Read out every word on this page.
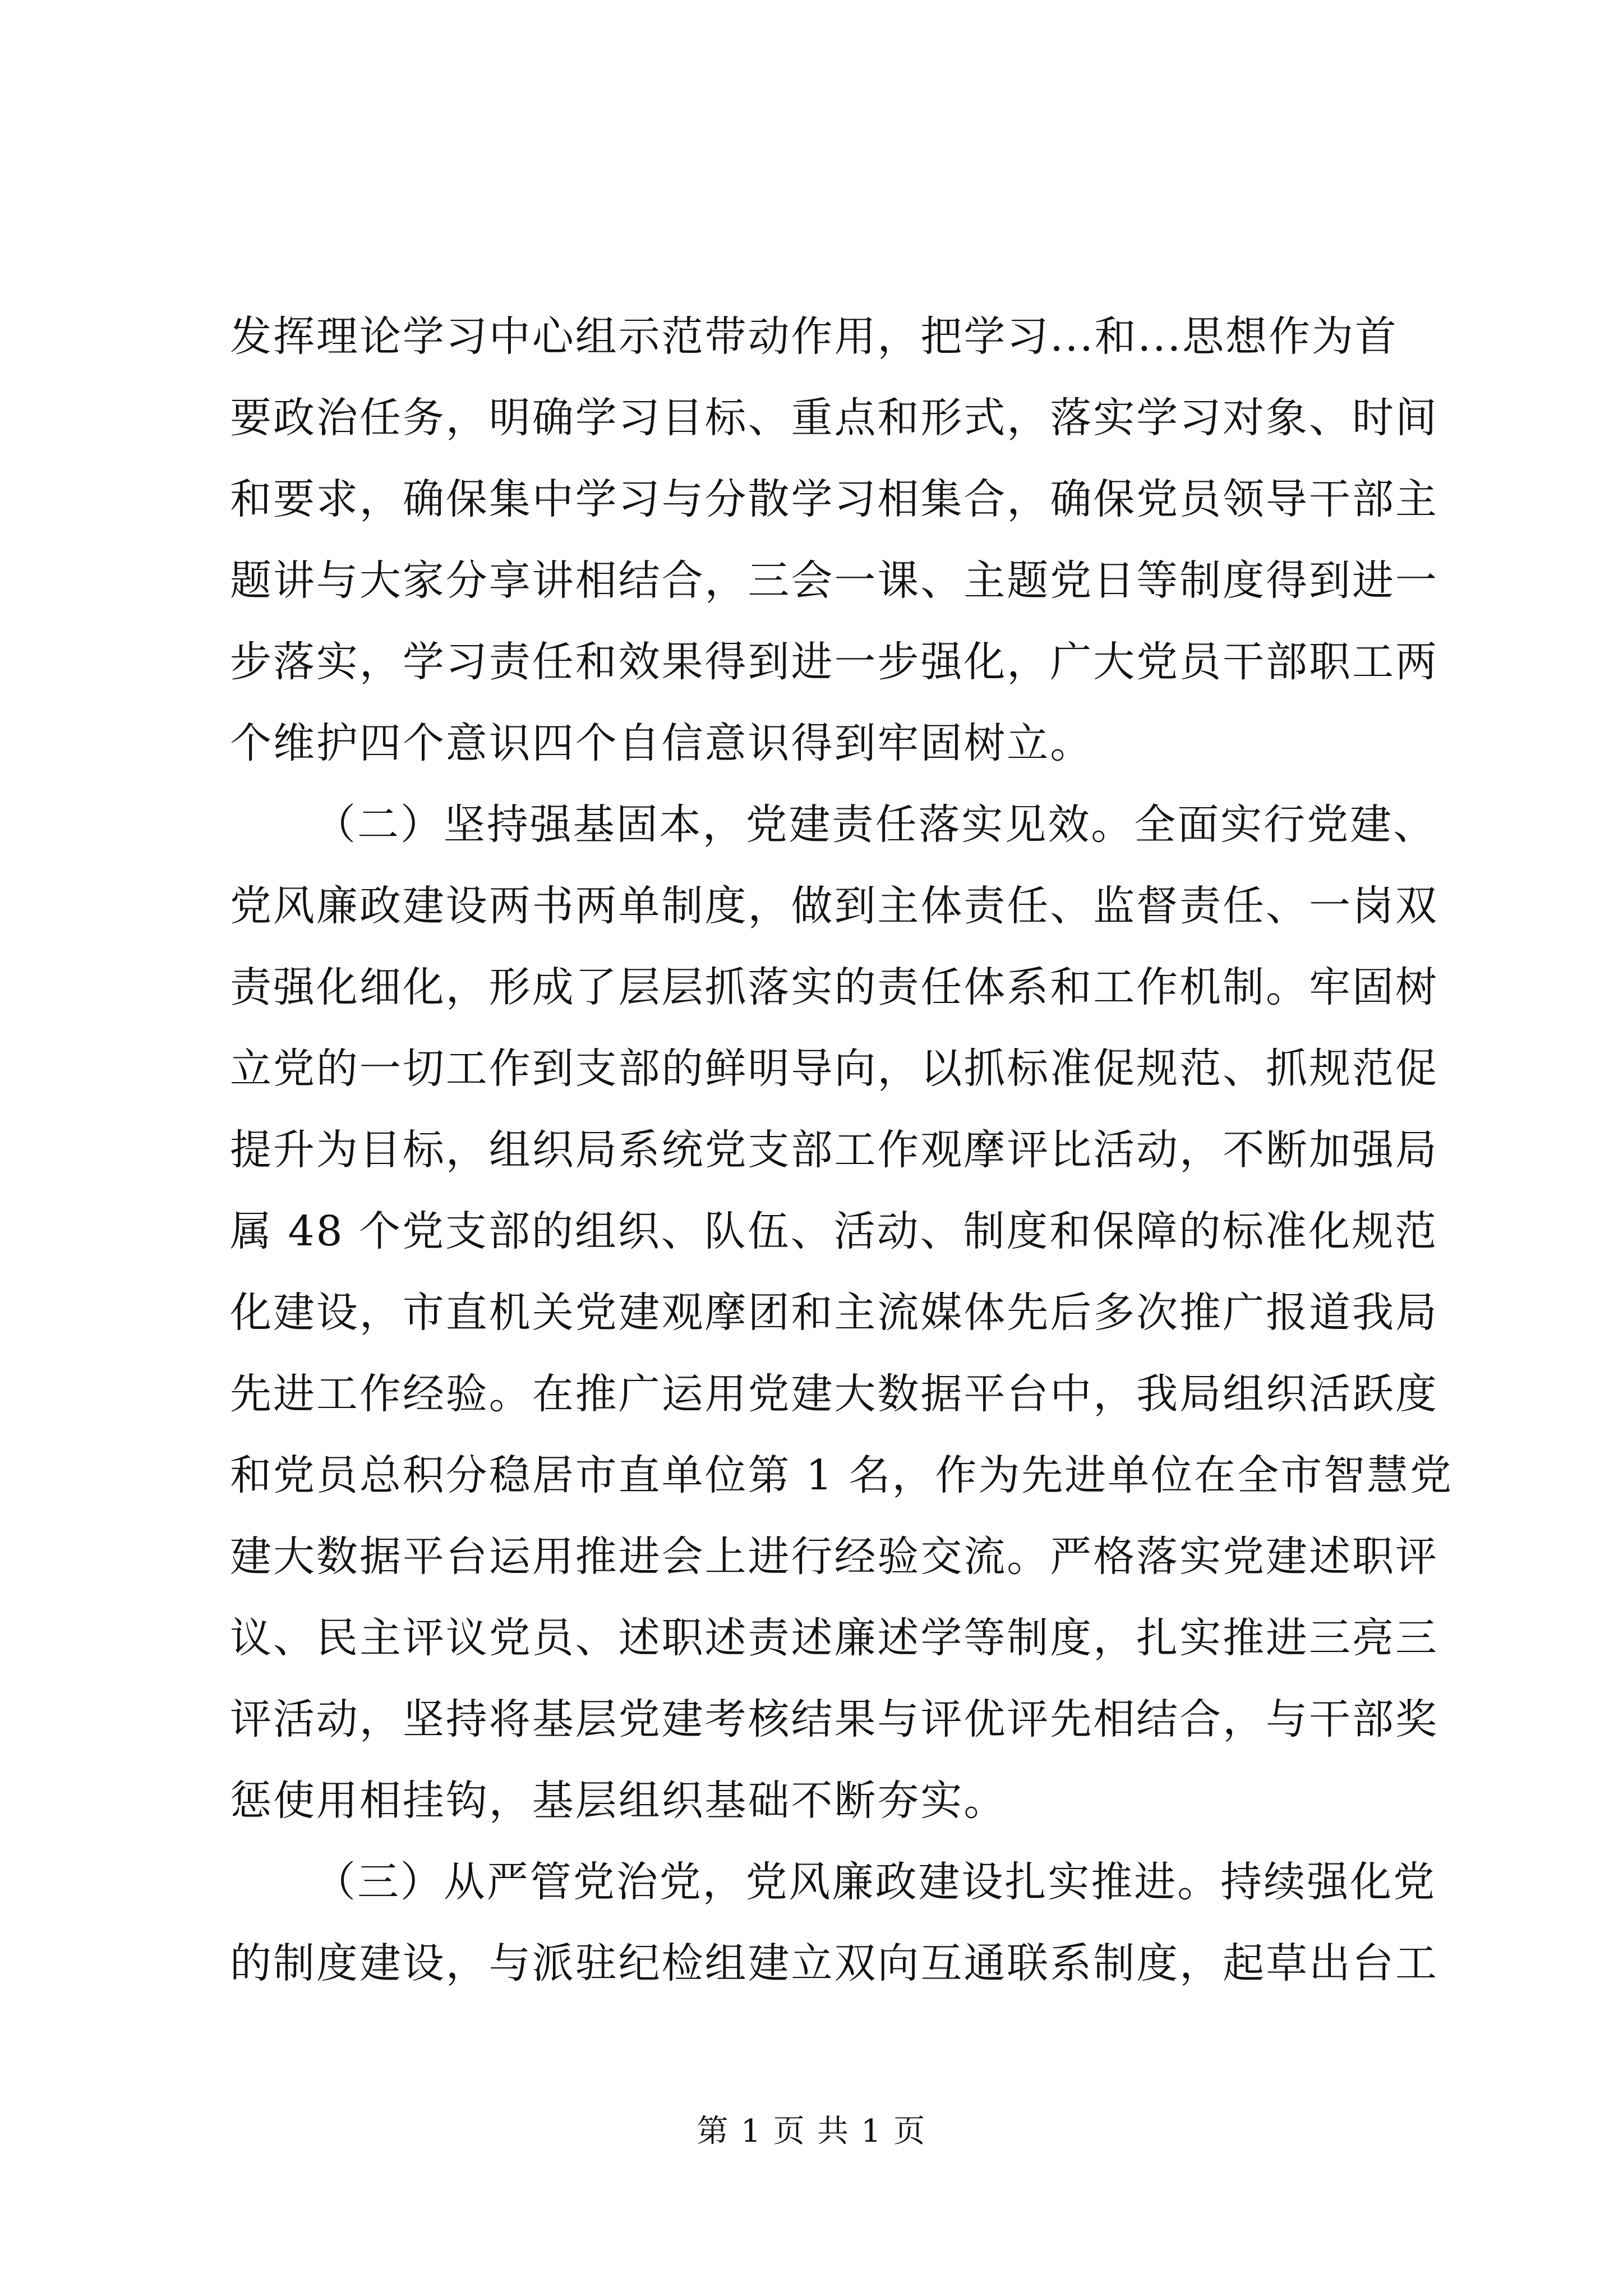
发挥理论学习中心组示范带动作用，把学习...和...思想作为首
要政治任务，明确学习目标、重点和形式，落实学习对象、时间
和要求，确保集中学习与分散学习相集合，确保党员领导干部主
题讲与大家分享讲相结合，三会一课、主题党日等制度得到进一
步落实，学习责任和效果得到进一步强化，广大党员干部职工两
个维护四个意识四个自信意识得到牢固树立。
（二）坚持强基固本，党建责任落实见效。全面实行党建、
党风廉政建设两书两单制度，做到主体责任、监督责任、一岗双
责强化细化，形成了层层抓落实的责任体系和工作机制。牢固树
立党的一切工作到支部的鲜明导向，以抓标准促规范、抓规范促
提升为目标，组织局系统党支部工作观摩评比活动，不断加强局
属 48 个党支部的组织、队伍、活动、制度和保障的标准化规范
化建设，市直机关党建观摩团和主流媒体先后多次推广报道我局
先进工作经验。在推广运用党建大数据平台中，我局组织活跃度
和党员总积分稳居市直单位第 1 名，作为先进单位在全市智慧党
建大数据平台运用推进会上进行经验交流。严格落实党建述职评
议、民主评议党员、述职述责述廉述学等制度，扎实推进三亮三
评活动，坚持将基层党建考核结果与评优评先相结合，与干部奖
惩使用相挂钩，基层组织基础不断夯实。
（三）从严管党治党，党风廉政建设扎实推进。持续强化党
的制度建设，与派驻纪检组建立双向互通联系制度，起草出台工
第 1 页 共 1 页
